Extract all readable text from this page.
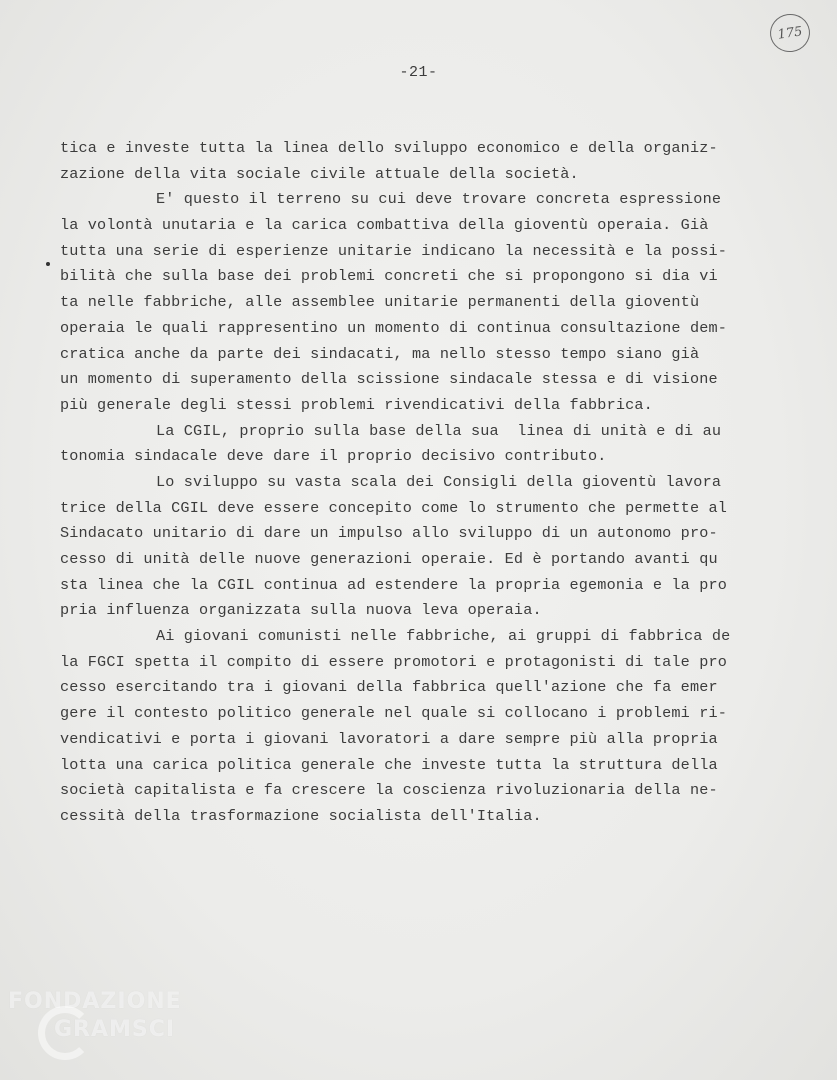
175
-21-
tica e investe tutta la linea dello sviluppo economico e della organiz-
zazione della vita sociale civile attuale della società.
E' questo il terreno su cui deve trovare concreta espressione
la volontà unutaria e la carica combattiva della gioventù operaia. Già
tutta una serie di esperienze unitarie indicano la necessità e la possi-
bilità che sulla base dei problemi concreti che si propongono si dia vi
ta nelle fabbriche, alle assemblee unitarie permanenti della gioventù
operaia le quali rappresentino un momento di continua consultazione dem-
cratica anche da parte dei sindacati, ma nello stesso tempo siano già
un momento di superamento della scissione sindacale stessa e di visione
più generale degli stessi problemi rivendicativi della fabbrica.
La CGIL, proprio sulla base della sua  linea di unità e di au
tonomia sindacale deve dare il proprio decisivo contributo.
Lo sviluppo su vasta scala dei Consigli della gioventù lavora
trice della CGIL deve essere concepito come lo strumento che permette al
Sindacato unitario di dare un impulso allo sviluppo di un autonomo pro-
cesso di unità delle nuove generazioni operaie. Ed è portando avanti qu
sta linea che la CGIL continua ad estendere la propria egemonia e la pro
pria influenza organizzata sulla nuova leva operaia.
Ai giovani comunisti nelle fabbriche, ai gruppi di fabbrica de
la FGCI spetta il compito di essere promotori e protagonisti di tale pro
cesso esercitando tra i giovani della fabbrica quell'azione che fa emer
gere il contesto politico generale nel quale si collocano i problemi ri-
vendicativi e porta i giovani lavoratori a dare sempre più alla propria
lotta una carica politica generale che investe tutta la struttura della
società capitalista e fa crescere la coscienza rivoluzionaria della ne-
cessità della trasformazione socialista dell'Italia.
FONDAZIONE
GRAMSCI
